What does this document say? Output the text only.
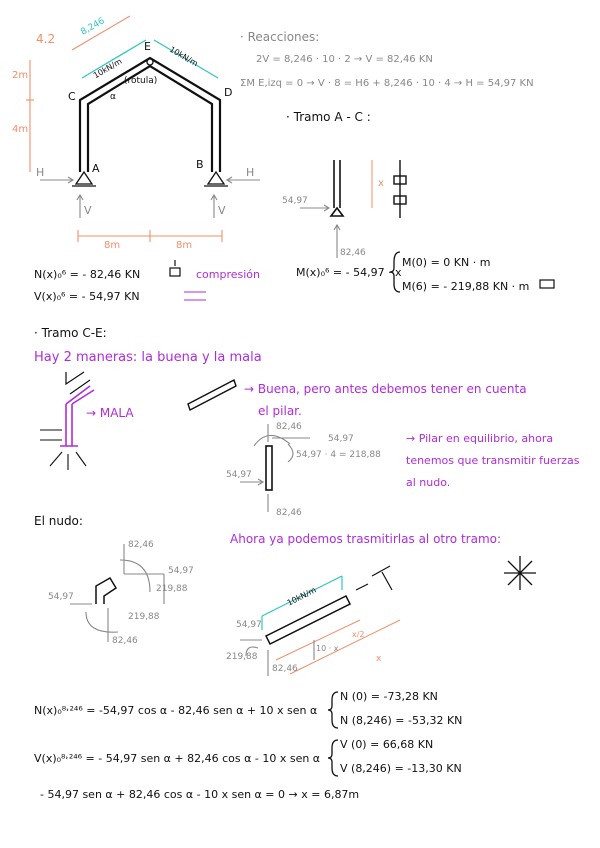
4.2
8,246
10kN/m
10kN/m
E
(rótula)
C	D
α
A	B
2m
4m
8m	8m
H	H
V	V
· Reacciones:
2V = 8,246 · 10 · 2 → V = 82,46 KN
ΣM E,izq = 0 → V · 8 = H6 + 8,246 · 10 · 4 → H = 54,97 KN
· Tramo A - C :
54,97
82,46
x
N(x)₀⁶ = - 82,46 KN	compresión
V(x)₀⁶ = - 54,97 KN
M(x)₀⁶ = - 54,97 · x
M(0) = 0 KN · m
M(6) = - 219,88 KN · m
· Tramo C-E:
Hay 2 maneras: la buena y la mala
→ MALA
→ Buena, pero antes debemos tener en cuenta
el pilar.
→ Pilar en equilibrio, ahora
tenemos que transmitir fuerzas
al nudo.
82,46
54,97
54,97 · 4 = 218,88
54,97
82,46
El nudo:
Ahora ya podemos trasmitirlas al otro tramo:
82,46
54,97
219,88
54,97
219,88
82,46
10kN/m
54,97
219,88
82,46
10 · x
x/2
x
N(x)₀⁸˒²⁴⁶ = -54,97 cos α - 82,46 sen α + 10 x sen α
N (0) = -73,28 KN
N (8,246) = -53,32 KN
V(x)₀⁸˒²⁴⁶ = - 54,97 sen α + 82,46 cos α - 10 x sen α
V (0) = 66,68 KN
V (8,246) = -13,30 KN
- 54,97 sen α + 82,46 cos α - 10 x sen α = 0 → x = 6,87m
